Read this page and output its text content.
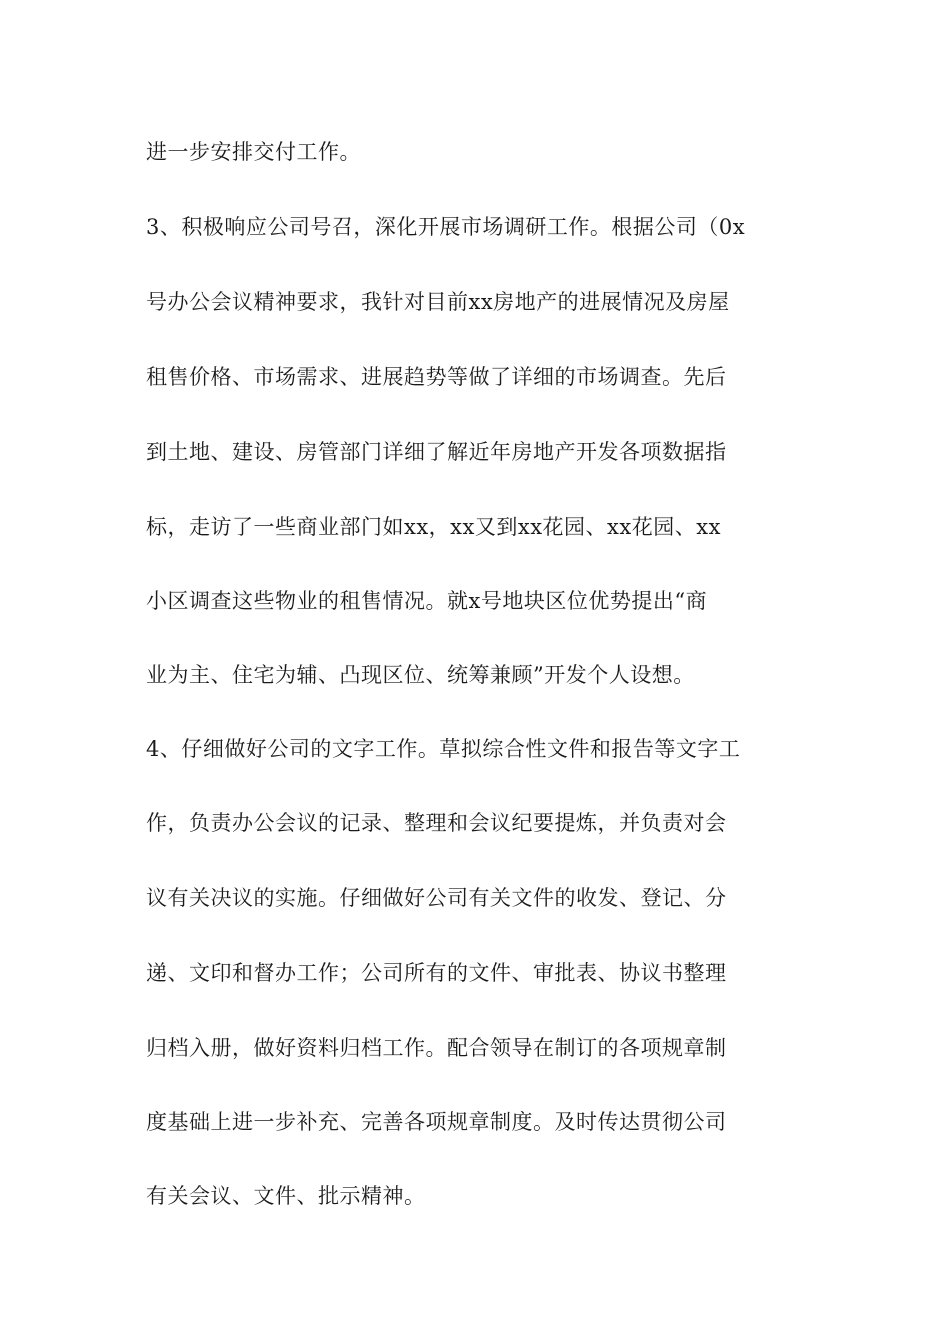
进一步安排交付工作。
3、积极响应公司号召，深化开展市场调研工作。根据公司（0x
号办公会议精神要求，我针对目前xx房地产的进展情况及房屋
租售价格、市场需求、进展趋势等做了详细的市场调查。先后
到土地、建设、房管部门详细了解近年房地产开发各项数据指
标，走访了一些商业部门如xx，xx又到xx花园、xx花园、xx
小区调查这些物业的租售情况。就x号地块区位优势提出“商
业为主、住宅为辅、凸现区位、统筹兼顾”开发个人设想。
4、仔细做好公司的文字工作。草拟综合性文件和报告等文字工
作，负责办公会议的记录、整理和会议纪要提炼，并负责对会
议有关决议的实施。仔细做好公司有关文件的收发、登记、分
递、文印和督办工作；公司所有的文件、审批表、协议书整理
归档入册，做好资料归档工作。配合领导在制订的各项规章制
度基础上进一步补充、完善各项规章制度。及时传达贯彻公司
有关会议、文件、批示精神。
